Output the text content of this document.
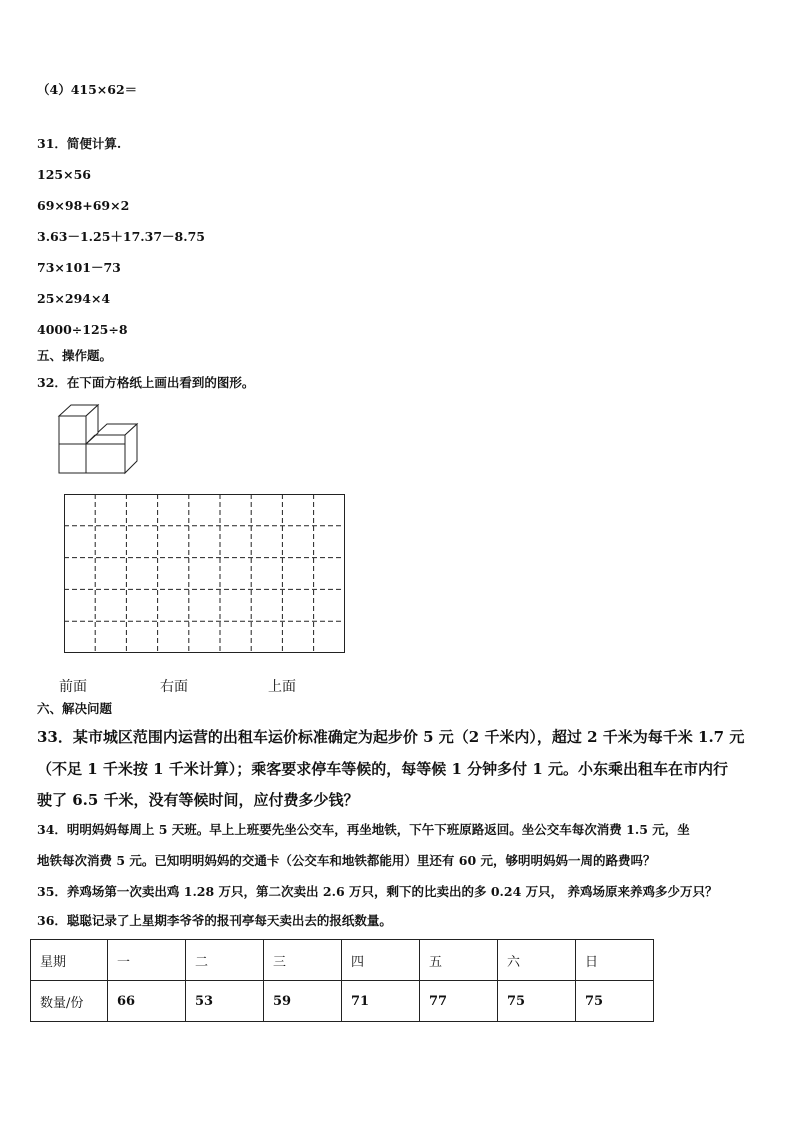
（4）415×62＝
31．简便计算.
125×56
69×98+69×2
3.63－1.25＋17.37－8.75
73×101－73
25×294×4
4000÷125÷8
五、操作题。
32．在下面方格纸上画出看到的图形。
前面	右面	上面
六、解决问题
33．某市城区范围内运营的出租车运价标准确定为起步价 5 元（2 千米内），超过 2 千米为每千米 1.7 元
（不足 1 千米按 1 千米计算）；乘客要求停车等候的，每等候 1 分钟多付 1 元。小东乘出租车在市内行
驶了 6.5 千米，没有等候时间，应付费多少钱？
34．明明妈妈每周上 5 天班。早上上班要先坐公交车，再坐地铁，下午下班原路返回。坐公交车每次消费 1.5 元，坐
地铁每次消费 5 元。已知明明妈妈的交通卡（公交车和地铁都能用）里还有 60 元，够明明妈妈一周的路费吗？
35．养鸡场第一次卖出鸡 1.28 万只，第二次卖出 2.6 万只，剩下的比卖出的多 0.24 万只， 养鸡场原来养鸡多少万只？
36．聪聪记录了上星期李爷爷的报刊亭每天卖出去的报纸数量。
星期	一	二	三	四	五	六	日
数量/份	66	53	59	71	77	75	75
